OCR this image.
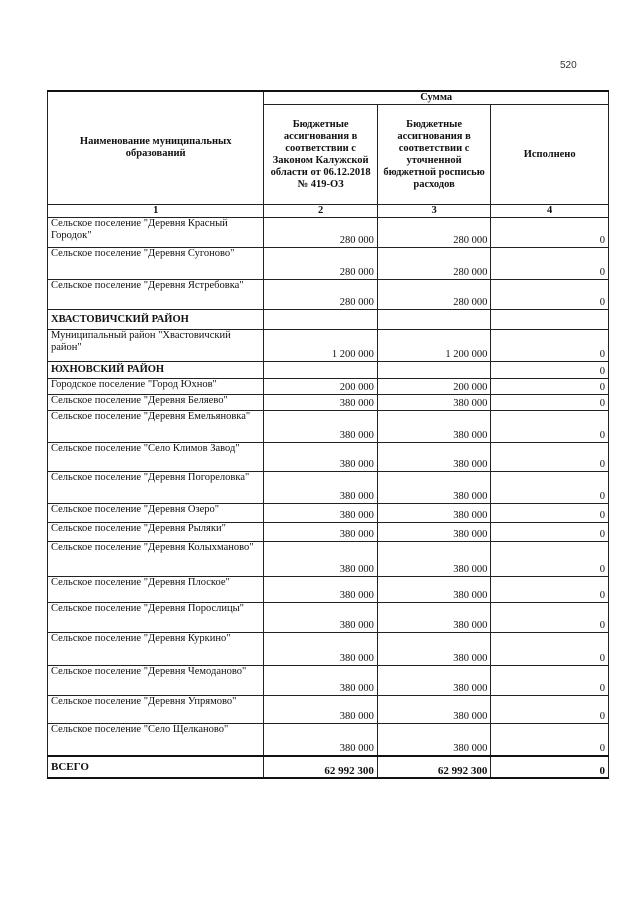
520
Наименование муниципальных образований	Сумма		
	Бюджетные ассигнования в соответствии с Законом Калужской области от 06.12.2018 № 419-ОЗ	Бюджетные ассигнования в соответствии с уточненной бюджетной росписью расходов	Исполнено
1	2	3	4
Сельское поселение "Деревня Красный Городок"	280 000	280 000	0
Сельское поселение "Деревня Сугоново"	280 000	280 000	0
Сельское поселение "Деревня Ястребовка"	280 000	280 000	0
ХВАСТОВИЧСКИЙ РАЙОН			
Муниципальный район "Хвастовичский район"	1 200 000	1 200 000	0
ЮХНОВСКИЙ РАЙОН			0
Городское поселение "Город Юхнов"	200 000	200 000	0
Сельское поселение "Деревня Беляево"	380 000	380 000	0
Сельское поселение "Деревня Емельяновка"	380 000	380 000	0
Сельское поселение "Село Климов Завод"	380 000	380 000	0
Сельское поселение "Деревня Погореловка"	380 000	380 000	0
Сельское поселение "Деревня Озеро"	380 000	380 000	0
Сельское поселение "Деревня Рыляки"	380 000	380 000	0
Сельское поселение "Деревня Колыхманово"	380 000	380 000	0
Сельское поселение "Деревня Плоское"	380 000	380 000	0
Сельское поселение "Деревня Порослицы"	380 000	380 000	0
Сельское поселение "Деревня Куркино"	380 000	380 000	0
Сельское поселение "Деревня Чемоданово"	380 000	380 000	0
Сельское поселение "Деревня Упрямово"	380 000	380 000	0
Сельское поселение "Село Щелканово"	380 000	380 000	0
ВСЕГО	62 992 300	62 992 300	0
